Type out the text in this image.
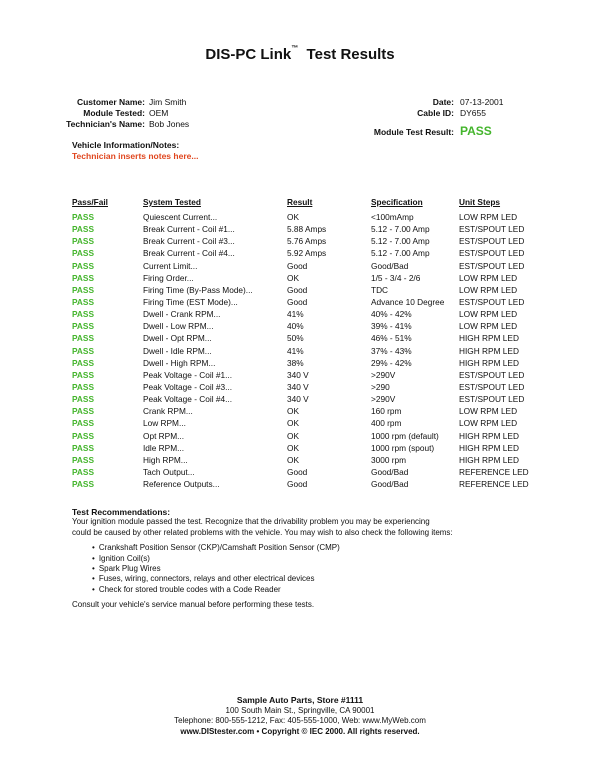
DIS-PC Link™ Test Results
Customer Name: Jim Smith
Module Tested: OEM
Technician's Name: Bob Jones
Date: 07-13-2001
Cable ID: DY655
Module Test Result: PASS
Vehicle Information/Notes:
Technician inserts notes here...
Pass/Fail	System Tested	Result	Specification	Unit Steps
PASS	Quiescent Current...	OK	<100mAmp	LOW RPM LED
PASS	Break Current - Coil #1...	5.88 Amps	5.12 - 7.00 Amp	EST/SPOUT LED
PASS	Break Current - Coil #3...	5.76 Amps	5.12 - 7.00 Amp	EST/SPOUT LED
PASS	Break Current - Coil #4...	5.92 Amps	5.12 - 7.00 Amp	EST/SPOUT LED
PASS	Current Limit...	Good	Good/Bad	EST/SPOUT LED
PASS	Firing Order...	OK	1/5 - 3/4 - 2/6	LOW RPM LED
PASS	Firing Time (By-Pass Mode)...	Good	TDC	LOW RPM LED
PASS	Firing Time (EST Mode)...	Good	Advance 10 Degree	EST/SPOUT LED
PASS	Dwell - Crank RPM...	41%	40% - 42%	LOW RPM LED
PASS	Dwell - Low RPM...	40%	39% - 41%	LOW RPM LED
PASS	Dwell - Opt RPM...	50%	46% - 51%	HIGH RPM LED
PASS	Dwell - Idle RPM...	41%	37% - 43%	HIGH RPM LED
PASS	Dwell - High RPM...	38%	29% - 42%	HIGH RPM LED
PASS	Peak Voltage - Coil #1...	340 V	>290V	EST/SPOUT LED
PASS	Peak Voltage - Coil #3...	340 V	>290	EST/SPOUT LED
PASS	Peak Voltage - Coil #4...	340 V	>290V	EST/SPOUT LED
PASS	Crank RPM...	OK	160 rpm	LOW RPM LED
PASS	Low RPM...	OK	400 rpm	LOW RPM LED
PASS	Opt RPM...	OK	1000 rpm (default)	HIGH RPM LED
PASS	Idle RPM...	OK	1000 rpm (spout)	HIGH RPM LED
PASS	High RPM...	OK	3000 rpm	HIGH RPM LED
PASS	Tach Output...	Good	Good/Bad	REFERENCE LED
PASS	Reference Outputs...	Good	Good/Bad	REFERENCE LED
Test Recommendations:
Your ignition module passed the test. Recognize that the drivability problem you may be experiencing
could be caused by other related problems with the vehicle. You may wish to also check the following items:
• Crankshaft Position Sensor (CKP)/Camshaft Position Sensor (CMP)
• Ignition Coil(s)
• Spark Plug Wires
• Fuses, wiring, connectors, relays and other electrical devices
• Check for stored trouble codes with a Code Reader
Consult your vehicle's service manual before performing these tests.
Sample Auto Parts, Store #1111
100 South Main St., Springville, CA 90001
Telephone: 800-555-1212, Fax: 405-555-1000, Web: www.MyWeb.com
www.DIStester.com • Copyright © IEC 2000. All rights reserved.
